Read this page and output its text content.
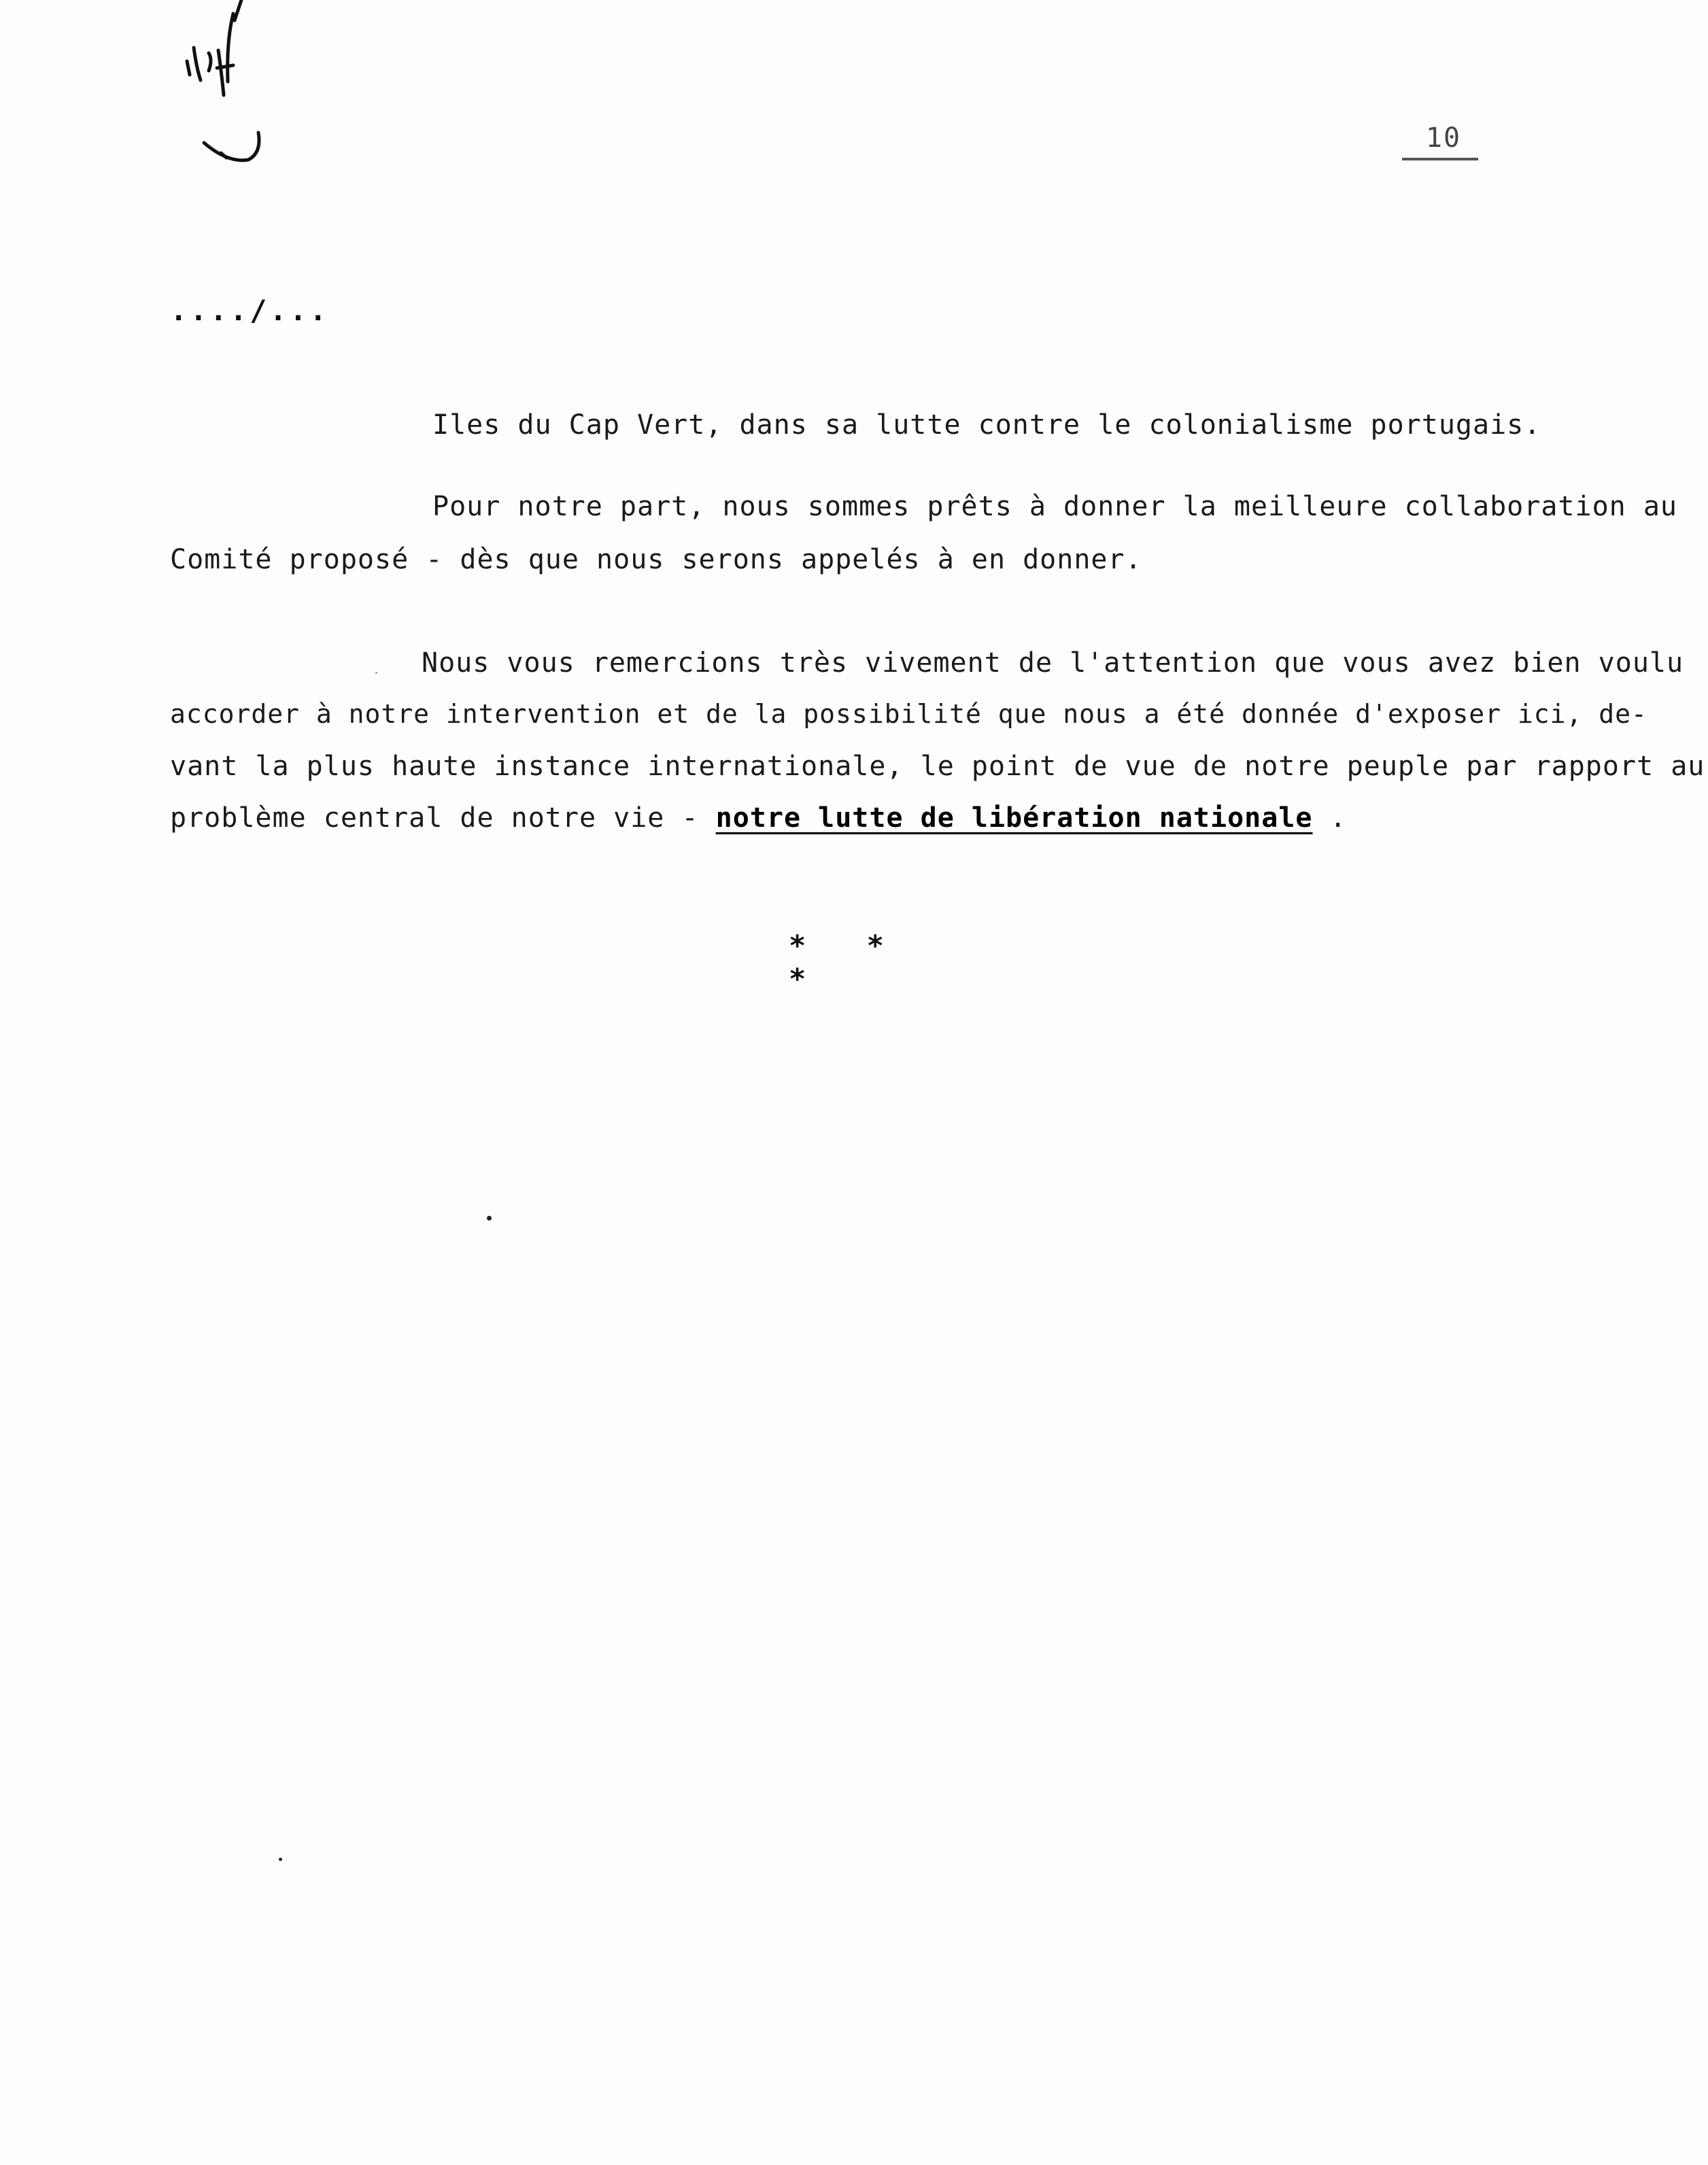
10
..../...
Iles du Cap Vert, dans sa lutte contre le colonialisme portugais.
Pour notre part, nous sommes prêts à donner la meilleure collaboration au
Comité proposé - dès que nous serons appelés à en donner.
Nous vous remercions très vivement de l'attention que vous avez bien voulu
accorder à notre intervention et de la possibilité que nous a été donnée d'exposer ici, de-
vant la plus haute instance internationale, le point de vue de notre peuple par rapport au
problème central de notre vie - notre lutte de libération nationale .
* * *
